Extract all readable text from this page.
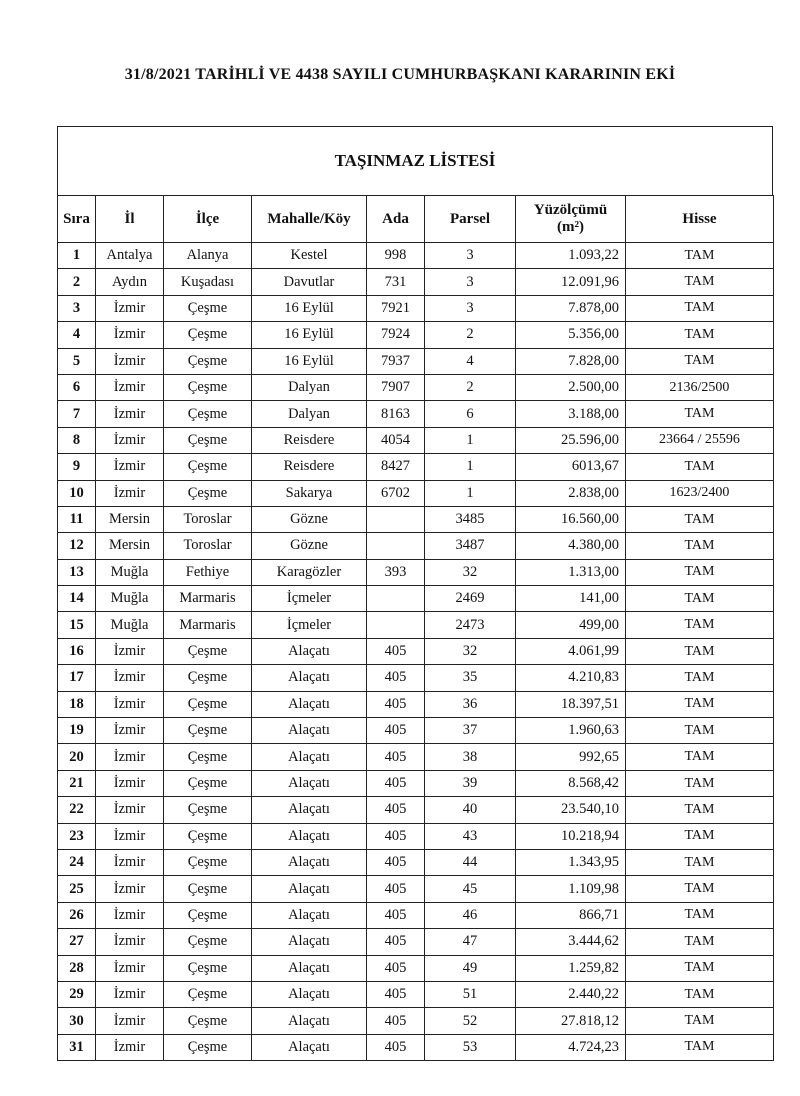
31/8/2021 TARİHLİ VE 4438 SAYILI CUMHURBAŞKANI KARARININ EKİ
TAŞINMAZ LİSTESİ
Sıra	İl	İlçe	Mahalle/Köy	Ada	Parsel	Yüzölçümü (m²)	Hisse
1	Antalya	Alanya	Kestel	998	3	1.093,22	TAM
2	Aydın	Kuşadası	Davutlar	731	3	12.091,96	TAM
3	İzmir	Çeşme	16 Eylül	7921	3	7.878,00	TAM
4	İzmir	Çeşme	16 Eylül	7924	2	5.356,00	TAM
5	İzmir	Çeşme	16 Eylül	7937	4	7.828,00	TAM
6	İzmir	Çeşme	Dalyan	7907	2	2.500,00	2136/2500
7	İzmir	Çeşme	Dalyan	8163	6	3.188,00	TAM
8	İzmir	Çeşme	Reisdere	4054	1	25.596,00	23664 / 25596
9	İzmir	Çeşme	Reisdere	8427	1	6013,67	TAM
10	İzmir	Çeşme	Sakarya	6702	1	2.838,00	1623/2400
11	Mersin	Toroslar	Gözne		3485	16.560,00	TAM
12	Mersin	Toroslar	Gözne		3487	4.380,00	TAM
13	Muğla	Fethiye	Karagözler	393	32	1.313,00	TAM
14	Muğla	Marmaris	İçmeler		2469	141,00	TAM
15	Muğla	Marmaris	İçmeler		2473	499,00	TAM
16	İzmir	Çeşme	Alaçatı	405	32	4.061,99	TAM
17	İzmir	Çeşme	Alaçatı	405	35	4.210,83	TAM
18	İzmir	Çeşme	Alaçatı	405	36	18.397,51	TAM
19	İzmir	Çeşme	Alaçatı	405	37	1.960,63	TAM
20	İzmir	Çeşme	Alaçatı	405	38	992,65	TAM
21	İzmir	Çeşme	Alaçatı	405	39	8.568,42	TAM
22	İzmir	Çeşme	Alaçatı	405	40	23.540,10	TAM
23	İzmir	Çeşme	Alaçatı	405	43	10.218,94	TAM
24	İzmir	Çeşme	Alaçatı	405	44	1.343,95	TAM
25	İzmir	Çeşme	Alaçatı	405	45	1.109,98	TAM
26	İzmir	Çeşme	Alaçatı	405	46	866,71	TAM
27	İzmir	Çeşme	Alaçatı	405	47	3.444,62	TAM
28	İzmir	Çeşme	Alaçatı	405	49	1.259,82	TAM
29	İzmir	Çeşme	Alaçatı	405	51	2.440,22	TAM
30	İzmir	Çeşme	Alaçatı	405	52	27.818,12	TAM
31	İzmir	Çeşme	Alaçatı	405	53	4.724,23	TAM
